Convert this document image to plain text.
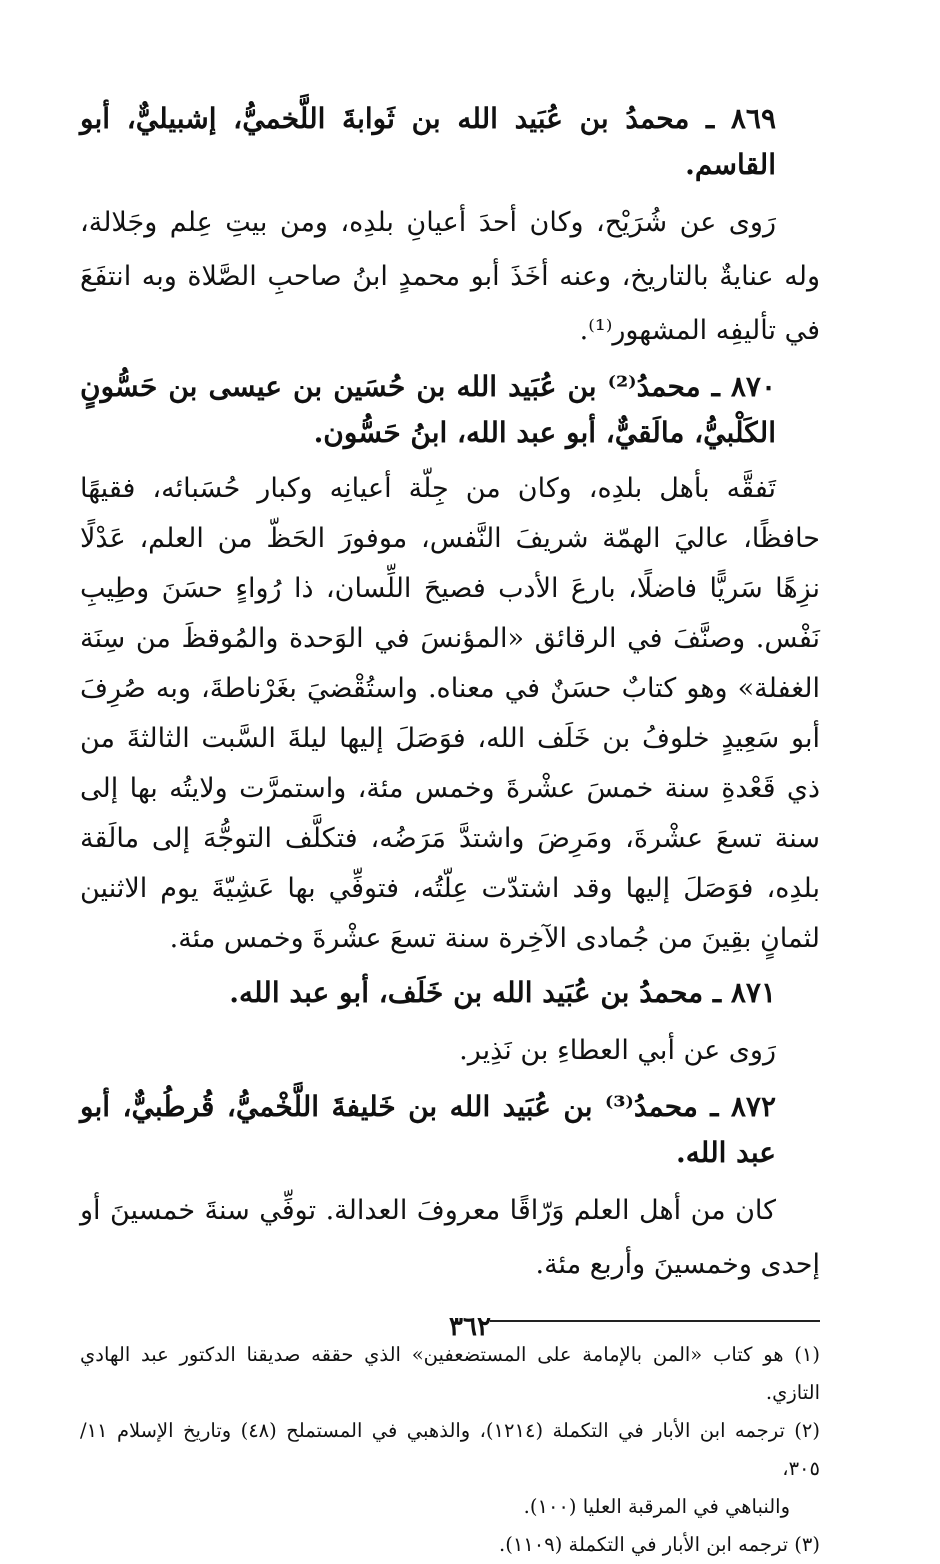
٨٦٩ ـ محمدُ بن عُبَيد الله بن ثَوابةَ اللَّخميُّ، إشبيليٌّ، أبو القاسم.

رَوى عن شُرَيْح، وكان أحدَ أعيانِ بلدِه، ومن بيتِ عِلم وجَلالة، وله عنايةٌ بالتاريخ، وعنه أخَذَ أبو محمدٍ ابنُ صاحبِ الصَّلاة وبه انتفَعَ في تأليفِه المشهور⁽¹⁾.

٨٧٠ ـ محمدُ⁽²⁾ بن عُبَيد الله بن حُسَين بن عيسى بن حَسُّونٍ الكَلْبيُّ، مالَقيٌّ، أبو عبد الله، ابنُ حَسُّون.

تَفقَّه بأهل بلدِه، وكان من جِلّة أعيانِه وكبار حُسَبائه، فقيهًا حافظًا، عاليَ الهمّة شريفَ النَّفس، موفورَ الحَظّ من العلم، عَدْلًا نزِهًا سَريًّا فاضلًا، بارعَ الأدب فصيحَ اللِّسان، ذا رُواءٍ حسَنَ وطِيبِ نَفْس. وصنَّفَ في الرقائق «المؤنسَ في الوَحدة والمُوقظَ من سِنَة الغفلة» وهو كتابٌ حسَنٌ في معناه. واستُقْضيَ بغَرْناطةَ، وبه صُرِفَ أبو سَعِيدٍ خلوفُ بن خَلَف الله، فوَصَلَ إليها ليلةَ السَّبت الثالثةَ من ذي قَعْدةِ سنة خمسَ عشْرةَ وخمس مئة، واستمرَّت ولايتُه بها إلى سنة تسعَ عشْرةَ، ومَرِضَ واشتدَّ مَرَضُه، فتكلَّف التوجُّهَ إلى مالَقة بلدِه، فوَصَلَ إليها وقد اشتدّت عِلّتُه، فتوفِّي بها عَشِيّةَ يوم الاثنين لثمانٍ بقِينَ من جُمادى الآخِرة سنة تسعَ عشْرةَ وخمس مئة.

٨٧١ ـ محمدُ بن عُبَيد الله بن خَلَف، أبو عبد الله.

رَوى عن أبي العطاءِ بن نَذِير.

٨٧٢ ـ محمدُ⁽³⁾ بن عُبَيد الله بن خَليفةَ اللَّخْميُّ، قُرطُبيٌّ، أبو عبد الله.

كان من أهل العلم وَرّاقًا معروفَ العدالة. توفِّي سنةَ خمسينَ أو إحدى وخمسينَ وأربع مئة.

(١) هو كتاب «المن بالإمامة على المستضعفين» الذي حققه صديقنا الدكتور عبد الهادي التازي.

(٢) ترجمه ابن الأبار في التكملة (١٢١٤)، والذهبي في المستملح (٤٨) وتاريخ الإسلام ١١/ ٣٠٥،

والنباهي في المرقبة العليا (١٠٠).

(٣) ترجمه ابن الأبار في التكملة (١١٠٩).

٣٦٢
